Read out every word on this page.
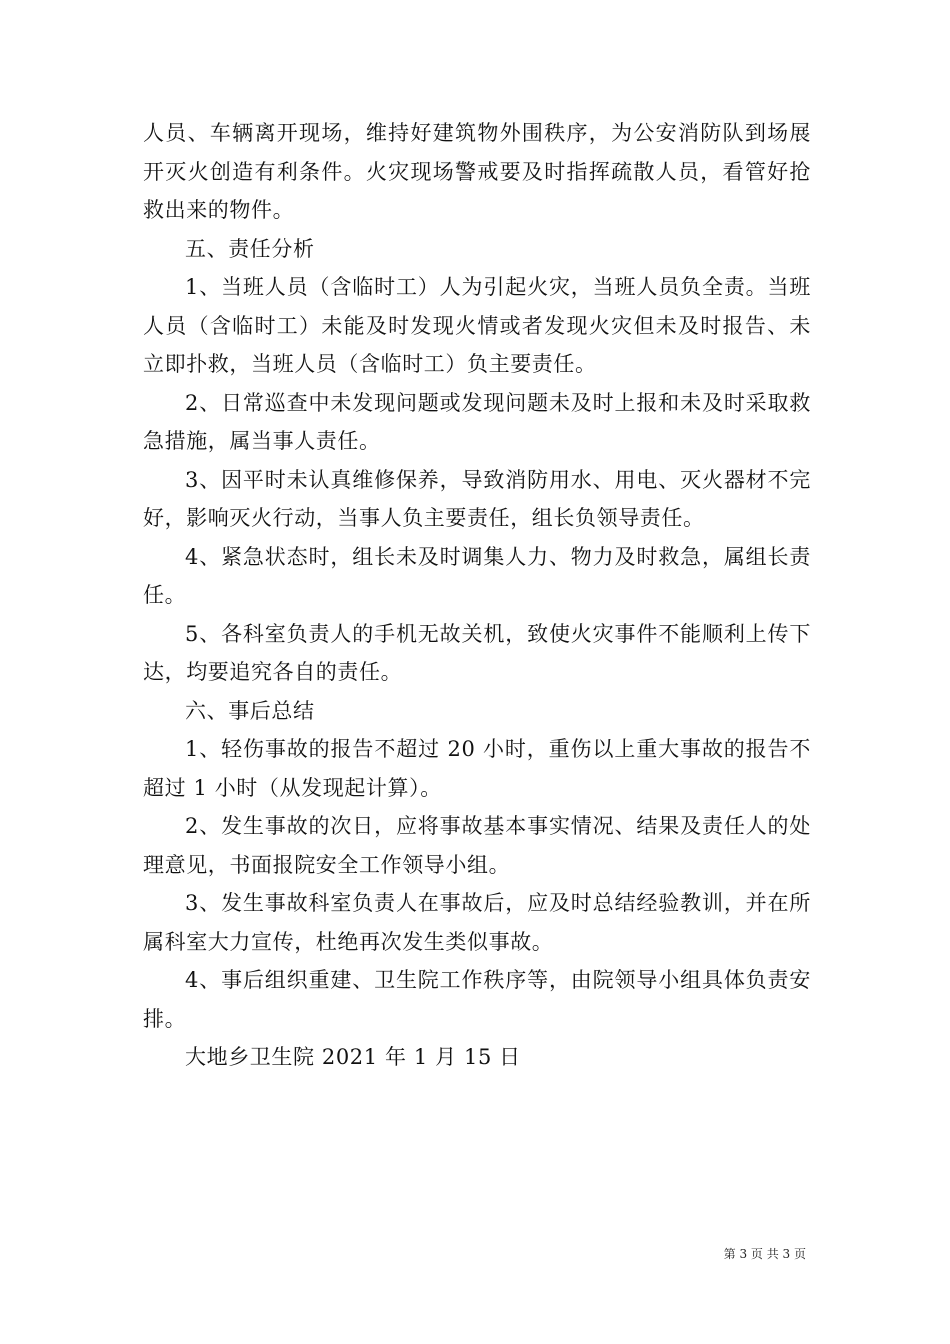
人员、车辆离开现场，维持好建筑物外围秩序，为公安消防队到场展开灭火创造有利条件。火灾现场警戒要及时指挥疏散人员，看管好抢救出来的物件。

五、责任分析

1、当班人员（含临时工）人为引起火灾，当班人员负全责。当班人员（含临时工）未能及时发现火情或者发现火灾但未及时报告、未立即扑救，当班人员（含临时工）负主要责任。

2、日常巡查中未发现问题或发现问题未及时上报和未及时采取救急措施，属当事人责任。

3、因平时未认真维修保养，导致消防用水、用电、灭火器材不完好，影响灭火行动，当事人负主要责任，组长负领导责任。

4、紧急状态时，组长未及时调集人力、物力及时救急，属组长责任。

5、各科室负责人的手机无故关机，致使火灾事件不能顺利上传下达，均要追究各自的责任。

六、事后总结

1、轻伤事故的报告不超过 20 小时，重伤以上重大事故的报告不超过 1 小时（从发现起计算）。

2、发生事故的次日，应将事故基本事实情况、结果及责任人的处理意见，书面报院安全工作领导小组。

3、发生事故科室负责人在事故后，应及时总结经验教训，并在所属科室大力宣传，杜绝再次发生类似事故。

4、事后组织重建、卫生院工作秩序等，由院领导小组具体负责安排。

大地乡卫生院 2021 年 1 月 15 日

第 3 页 共 3 页
